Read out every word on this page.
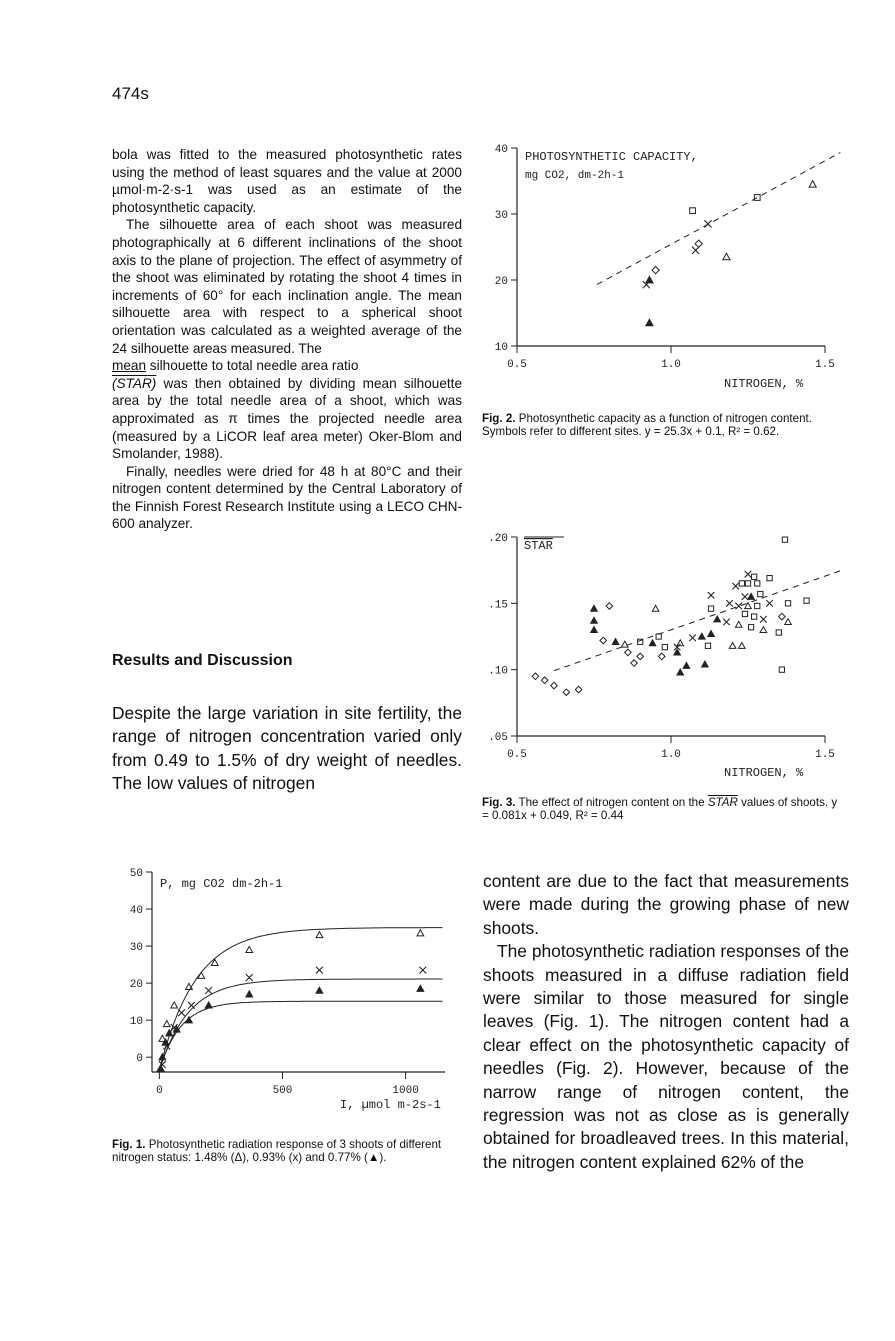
474s

bola was fitted to the measured photosynthetic rates using the method of least squares and the value at 2000 µmol·m-2·s-1 was used as an estimate of the photosynthetic capacity.

The silhouette area of each shoot was measured photographically at 6 different inclinations of the shoot axis to the plane of projection. The effect of asymmetry of the shoot was eliminated by rotating the shoot 4 times in increments of 60° for each inclination angle. The mean silhouette area with respect to a spherical shoot orientation was calculated as a weighted average of the 24 silhouette areas measured. The

mean silhouette to total needle area ratio

(STAR) was then obtained by dividing mean silhouette area by the total needle area of a shoot, which was approximated as π times the projected needle area (measured by a LiCOR leaf area meter) Oker-Blom and Smolander, 1988).

Finally, needles were dried for 48 h at 80°C and their nitrogen content determined by the Central Laboratory of the Finnish Forest Research Institute using a LECO CHN-600 analyzer.

Results and Discussion

Despite the large variation in site fertility, the range of nitrogen concentration varied only from 0.49 to 1.5% of dry weight of needles. The low values of nitrogen

content are due to the fact that measurements were made during the growing phase of new shoots.

The photosynthetic radiation responses of the shoots measured in a diffuse radiation field were similar to those measured for single leaves (Fig. 1). The nitrogen content had a clear effect on the photosynthetic capacity of needles (Fig. 2). However, because of the narrow range of nitrogen content, the regression was not as close as is generally obtained for broadleaved trees. In this material, the nitrogen content explained 62% of the

10
20
30
40
0.5	1.0	1.5
PHOTOSYNTHETIC CAPACITY,
mg CO2, dm-2h-1
NITROGEN, %
Fig. 2. Photosynthetic capacity as a function of nitrogen content. Symbols refer to different sites. y = 25.3x + 0.1, R² = 0.62.
.05
.10
.15
.20
0.5	1.0	1.5
STAR
NITROGEN, %
Fig. 3. The effect of nitrogen content on the STAR values of shoots. y = 0.081x + 0.049, R² = 0.44
0
10
20
30
40
50
0	500	1000
P, mg CO2 dm-2h-1
I, µmol m-2s-1
Fig. 1. Photosynthetic radiation response of 3 shoots of different nitrogen status: 1.48% (Δ), 0.93% (x) and 0.77% (▲).
